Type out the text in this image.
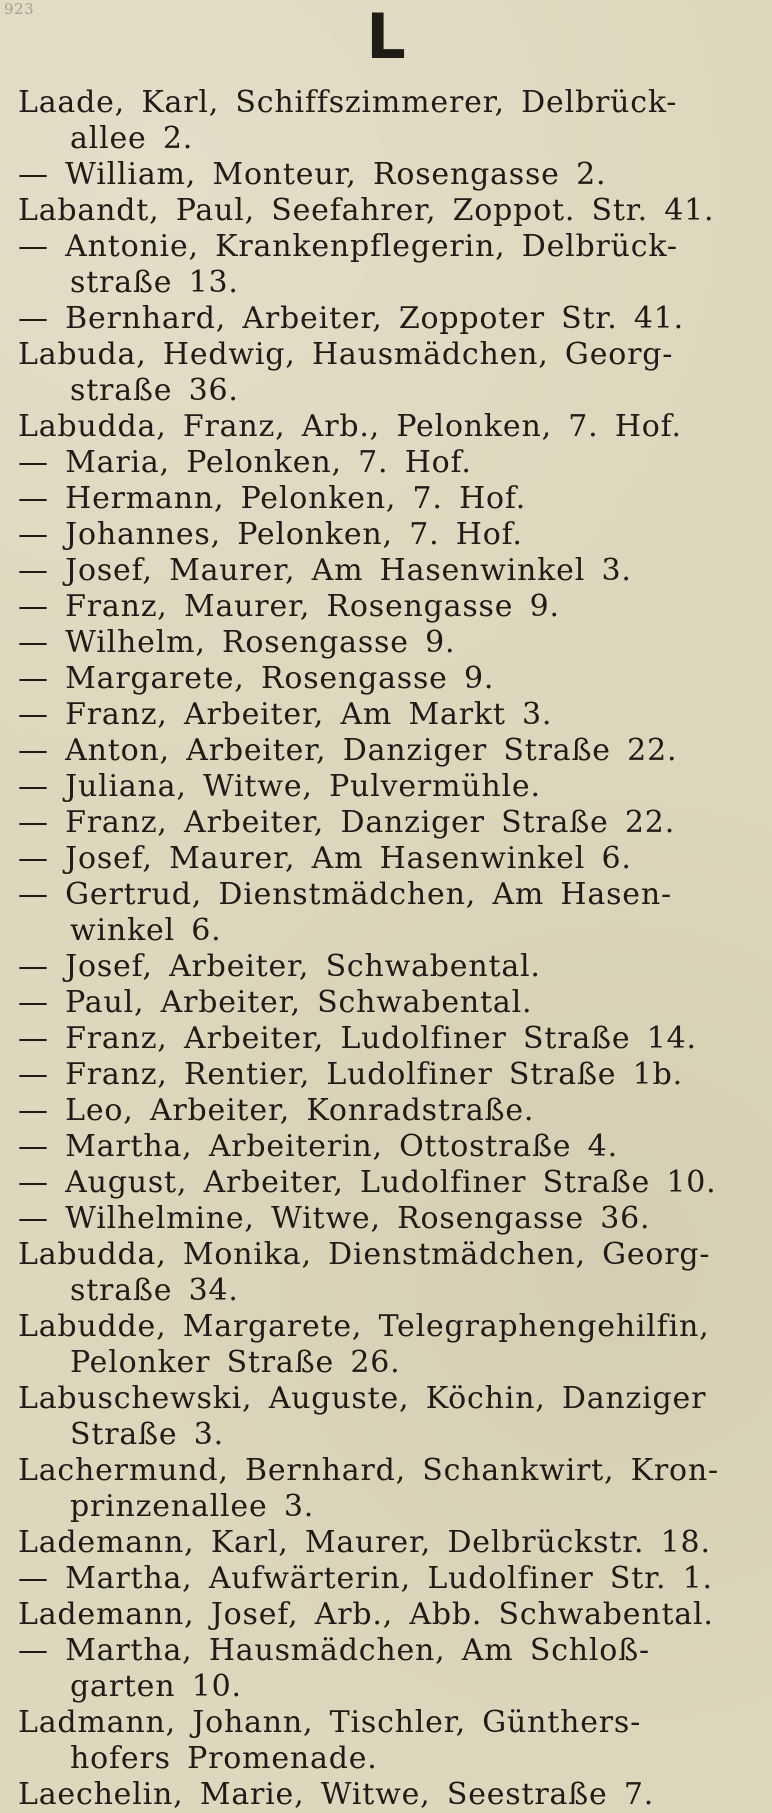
923	L
Laade, Karl, Schiffszimmerer, Delbrück-
allee 2.
— William, Monteur, Rosengasse 2.
Labandt, Paul, Seefahrer, Zoppot. Str. 41.
— Antonie, Krankenpflegerin, Delbrück-
straße 13.
— Bernhard, Arbeiter, Zoppoter Str. 41.
Labuda, Hedwig, Hausmädchen, Georg-
straße 36.
Labudda, Franz, Arb., Pelonken, 7. Hof.
— Maria, Pelonken, 7. Hof.
— Hermann, Pelonken, 7. Hof.
— Johannes, Pelonken, 7. Hof.
— Josef, Maurer, Am Hasenwinkel 3.
— Franz, Maurer, Rosengasse 9.
— Wilhelm, Rosengasse 9.
— Margarete, Rosengasse 9.
— Franz, Arbeiter, Am Markt 3.
— Anton, Arbeiter, Danziger Straße 22.
— Juliana, Witwe, Pulvermühle.
— Franz, Arbeiter, Danziger Straße 22.
— Josef, Maurer, Am Hasenwinkel 6.
— Gertrud, Dienstmädchen, Am Hasen-
winkel 6.
— Josef, Arbeiter, Schwabental.
— Paul, Arbeiter, Schwabental.
— Franz, Arbeiter, Ludolfiner Straße 14.
— Franz, Rentier, Ludolfiner Straße 1b.
— Leo, Arbeiter, Konradstraße.
— Martha, Arbeiterin, Ottostraße 4.
— August, Arbeiter, Ludolfiner Straße 10.
— Wilhelmine, Witwe, Rosengasse 36.
Labudda, Monika, Dienstmädchen, Georg-
straße 34.
Labudde, Margarete, Telegraphengehilfin,
Pelonker Straße 26.
Labuschewski, Auguste, Köchin, Danziger
Straße 3.
Lachermund, Bernhard, Schankwirt, Kron-
prinzenallee 3.
Lademann, Karl, Maurer, Delbrückstr. 18.
— Martha, Aufwärterin, Ludolfiner Str. 1.
Lademann, Josef, Arb., Abb. Schwabental.
— Martha, Hausmädchen, Am Schloß-
garten 10.
Ladmann, Johann, Tischler, Günthers-
hofers Promenade.
Laechelin, Marie, Witwe, Seestraße 7.
